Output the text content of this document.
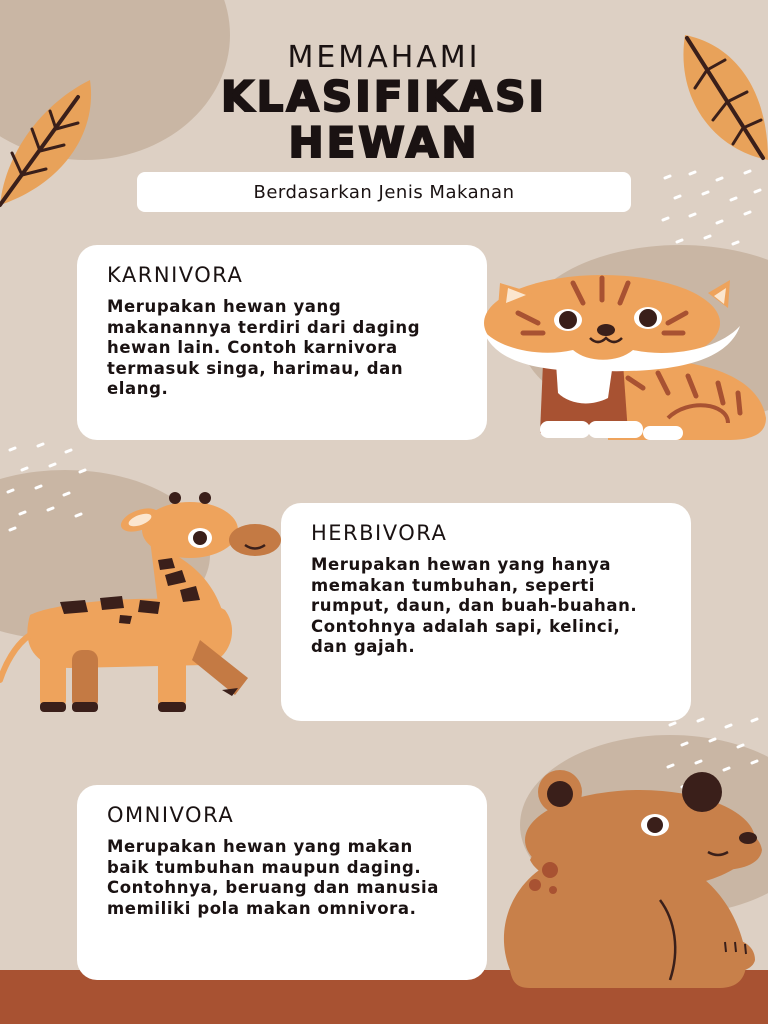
MEMAHAMI
KLASIFIKASI
HEWAN
Berdasarkan Jenis Makanan
KARNIVORA

Merupakan hewan yang makanannya terdiri dari daging hewan lain. Contoh karnivora termasuk singa, harimau, dan elang.

HERBIVORA

Merupakan hewan yang hanya memakan tumbuhan, seperti rumput, daun, dan buah-buahan. Contohnya adalah sapi, kelinci, dan gajah.

OMNIVORA

Merupakan hewan yang makan baik tumbuhan maupun daging. Contohnya, beruang dan manusia memiliki pola makan omnivora.
